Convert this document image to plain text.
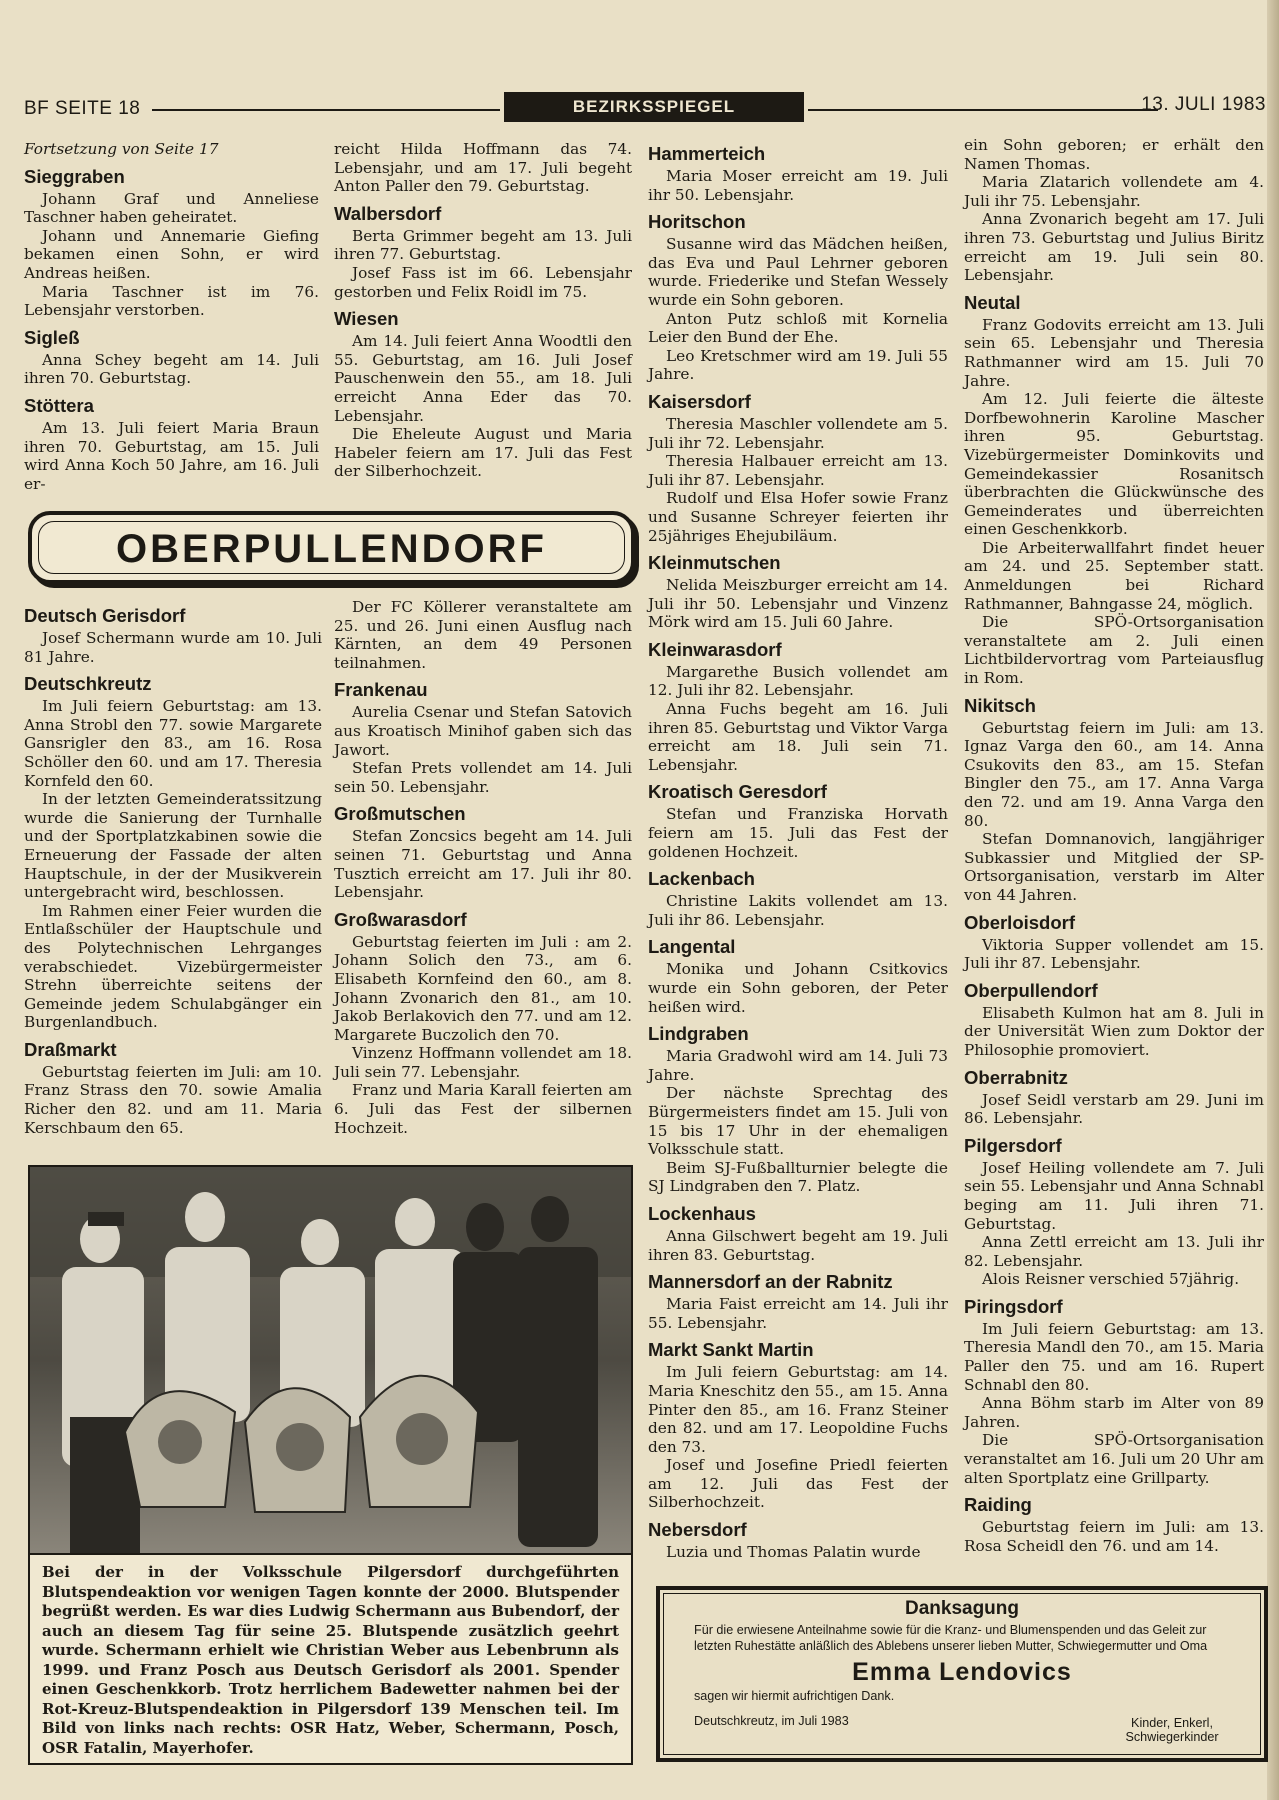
BF SEITE 18	BEZIRKSSPIEGEL	13. JULI 1983

Fortsetzung von Seite 17

Sieggraben

Johann Graf und Anneliese Taschner haben geheiratet.

Johann und Annemarie Giefing bekamen einen Sohn, er wird Andreas heißen.

Maria Taschner ist im 76. Lebensjahr verstorben.

Sigleß

Anna Schey begeht am 14. Juli ihren 70. Geburtstag.

Stöttera

Am 13. Juli feiert Maria Braun ihren 70. Geburtstag, am 15. Juli wird Anna Koch 50 Jahre, am 16. Juli er-

reicht Hilda Hoffmann das 74. Lebensjahr, und am 17. Juli begeht Anton Paller den 79. Geburtstag.

Walbersdorf

Berta Grimmer begeht am 13. Juli ihren 77. Geburtstag.

Josef Fass ist im 66. Lebensjahr gestorben und Felix Roidl im 75.

Wiesen

Am 14. Juli feiert Anna Woodtli den 55. Geburtstag, am 16. Juli Josef Pauschenwein den 55., am 18. Juli erreicht Anna Eder das 70. Lebensjahr.

Die Eheleute August und Maria Habeler feiern am 17. Juli das Fest der Silberhochzeit.

OBERPULLENDORF
Deutsch Gerisdorf

Josef Schermann wurde am 10. Juli 81 Jahre.

Deutschkreutz

Im Juli feiern Geburtstag: am 13. Anna Strobl den 77. sowie Margarete Gansrigler den 83., am 16. Rosa Schöller den 60. und am 17. Theresia Kornfeld den 60.

In der letzten Gemeinderatssitzung wurde die Sanierung der Turnhalle und der Sportplatzkabinen sowie die Erneuerung der Fassade der alten Hauptschule, in der der Musikverein untergebracht wird, beschlossen.

Im Rahmen einer Feier wurden die Entlaßschüler der Hauptschule und des Polytechnischen Lehrganges verabschiedet. Vizebürgermeister Strehn überreichte seitens der Gemeinde jedem Schulabgänger ein Burgenlandbuch.

Draßmarkt

Geburtstag feierten im Juli: am 10. Franz Strass den 70. sowie Amalia Richer den 82. und am 11. Maria Kerschbaum den 65.

Der FC Köllerer veranstaltete am 25. und 26. Juni einen Ausflug nach Kärnten, an dem 49 Personen teilnahmen.

Frankenau

Aurelia Csenar und Stefan Satovich aus Kroatisch Minihof gaben sich das Jawort.

Stefan Prets vollendet am 14. Juli sein 50. Lebensjahr.

Großmutschen

Stefan Zoncsics begeht am 14. Juli seinen 71. Geburtstag und Anna Tusztich erreicht am 17. Juli ihr 80. Lebensjahr.

Großwarasdorf

Geburtstag feierten im Juli : am 2. Johann Solich den 73., am 6. Elisabeth Kornfeind den 60., am 8. Johann Zvonarich den 81., am 10. Jakob Berlakovich den 77. und am 12. Margarete Buczolich den 70.

Vinzenz Hoffmann vollendet am 18. Juli sein 77. Lebensjahr.

Franz und Maria Karall feierten am 6. Juli das Fest der silbernen Hochzeit.

Hammerteich

Maria Moser erreicht am 19. Juli ihr 50. Lebensjahr.

Horitschon

Susanne wird das Mädchen heißen, das Eva und Paul Lehrner geboren wurde. Friederike und Stefan Wessely wurde ein Sohn geboren.

Anton Putz schloß mit Kornelia Leier den Bund der Ehe.

Leo Kretschmer wird am 19. Juli 55 Jahre.

Kaisersdorf

Theresia Maschler vollendete am 5. Juli ihr 72. Lebensjahr.

Theresia Halbauer erreicht am 13. Juli ihr 87. Lebensjahr.

Rudolf und Elsa Hofer sowie Franz und Susanne Schreyer feierten ihr 25jähriges Ehejubiläum.

Kleinmutschen

Nelida Meiszburger erreicht am 14. Juli ihr 50. Lebensjahr und Vinzenz Mörk wird am 15. Juli 60 Jahre.

Kleinwarasdorf

Margarethe Busich vollendet am 12. Juli ihr 82. Lebensjahr.

Anna Fuchs begeht am 16. Juli ihren 85. Geburtstag und Viktor Varga erreicht am 18. Juli sein 71. Lebensjahr.

Kroatisch Geresdorf

Stefan und Franziska Horvath feiern am 15. Juli das Fest der goldenen Hochzeit.

Lackenbach

Christine Lakits vollendet am 13. Juli ihr 86. Lebensjahr.

Langental

Monika und Johann Csitkovics wurde ein Sohn geboren, der Peter heißen wird.

Lindgraben

Maria Gradwohl wird am 14. Juli 73 Jahre.

Der nächste Sprechtag des Bürgermeisters findet am 15. Juli von 15 bis 17 Uhr in der ehemaligen Volksschule statt.

Beim SJ-Fußballturnier belegte die SJ Lindgraben den 7. Platz.

Lockenhaus

Anna Gilschwert begeht am 19. Juli ihren 83. Geburtstag.

Mannersdorf an der Rabnitz

Maria Faist erreicht am 14. Juli ihr 55. Lebensjahr.

Markt Sankt Martin

Im Juli feiern Geburtstag: am 14. Maria Kneschitz den 55., am 15. Anna Pinter den 85., am 16. Franz Steiner den 82. und am 17. Leopoldine Fuchs den 73.

Josef und Josefine Priedl feierten am 12. Juli das Fest der Silberhochzeit.

Nebersdorf

Luzia und Thomas Palatin wurde

ein Sohn geboren; er erhält den Namen Thomas.

Maria Zlatarich vollendete am 4. Juli ihr 75. Lebensjahr.

Anna Zvonarich begeht am 17. Juli ihren 73. Geburtstag und Julius Biritz erreicht am 19. Juli sein 80. Lebensjahr.

Neutal

Franz Godovits erreicht am 13. Juli sein 65. Lebensjahr und Theresia Rathmanner wird am 15. Juli 70 Jahre.

Am 12. Juli feierte die älteste Dorfbewohnerin Karoline Mascher ihren 95. Geburtstag. Vizebürgermeister Dominkovits und Gemeindekassier Rosanitsch überbrachten die Glückwünsche des Gemeinderates und überreichten einen Geschenkkorb.

Die Arbeiterwallfahrt findet heuer am 24. und 25. September statt. Anmeldungen bei Richard Rathmanner, Bahngasse 24, möglich.

Die SPÖ-Ortsorganisation veranstaltete am 2. Juli einen Lichtbildervortrag vom Parteiausflug in Rom.

Nikitsch

Geburtstag feiern im Juli: am 13. Ignaz Varga den 60., am 14. Anna Csukovits den 83., am 15. Stefan Bingler den 75., am 17. Anna Varga den 72. und am 19. Anna Varga den 80.

Stefan Domnanovich, langjähriger Subkassier und Mitglied der SP-Ortsorganisation, verstarb im Alter von 44 Jahren.

Oberloisdorf

Viktoria Supper vollendet am 15. Juli ihr 87. Lebensjahr.

Oberpullendorf

Elisabeth Kulmon hat am 8. Juli in der Universität Wien zum Doktor der Philosophie promoviert.

Oberrabnitz

Josef Seidl verstarb am 29. Juni im 86. Lebensjahr.

Pilgersdorf

Josef Heiling vollendete am 7. Juli sein 55. Lebensjahr und Anna Schnabl beging am 11. Juli ihren 71. Geburtstag.

Anna Zettl erreicht am 13. Juli ihr 82. Lebensjahr.

Alois Reisner verschied 57jährig.

Piringsdorf

Im Juli feiern Geburtstag: am 13. Theresia Mandl den 70., am 15. Maria Paller den 75. und am 16. Rupert Schnabl den 80.

Anna Böhm starb im Alter von 89 Jahren.

Die SPÖ-Ortsorganisation veranstaltet am 16. Juli um 20 Uhr am alten Sportplatz eine Grillparty.

Raiding

Geburtstag feiern im Juli: am 13. Rosa Scheidl den 76. und am 14.

Bei der in der Volksschule Pilgersdorf durchgeführten Blutspendeaktion vor wenigen Tagen konnte der 2000. Blutspender begrüßt werden. Es war dies Ludwig Schermann aus Bubendorf, der auch an diesem Tag für seine 25. Blutspende zusätzlich geehrt wurde. Schermann erhielt wie Christian Weber aus Lebenbrunn als 1999. und Franz Posch aus Deutsch Gerisdorf als 2001. Spender einen Geschenkkorb. Trotz herrlichem Badewetter nahmen bei der Rot-Kreuz-Blutspendeaktion in Pilgersdorf 139 Menschen teil. Im Bild von links nach rechts: OSR Hatz, Weber, Schermann, Posch, OSR Fatalin, Mayerhofer.
Danksagung
Für die erwiesene Anteilnahme sowie für die Kranz- und Blumenspenden und das Geleit zur letzten Ruhestätte anläßlich des Ablebens unserer lieben Mutter, Schwiegermutter und Oma
Emma Lendovics
sagen wir hiermit aufrichtigen Dank.
Deutschkreutz, im Juli 1983	Kinder, Enkerl, Schwiegerkinder
